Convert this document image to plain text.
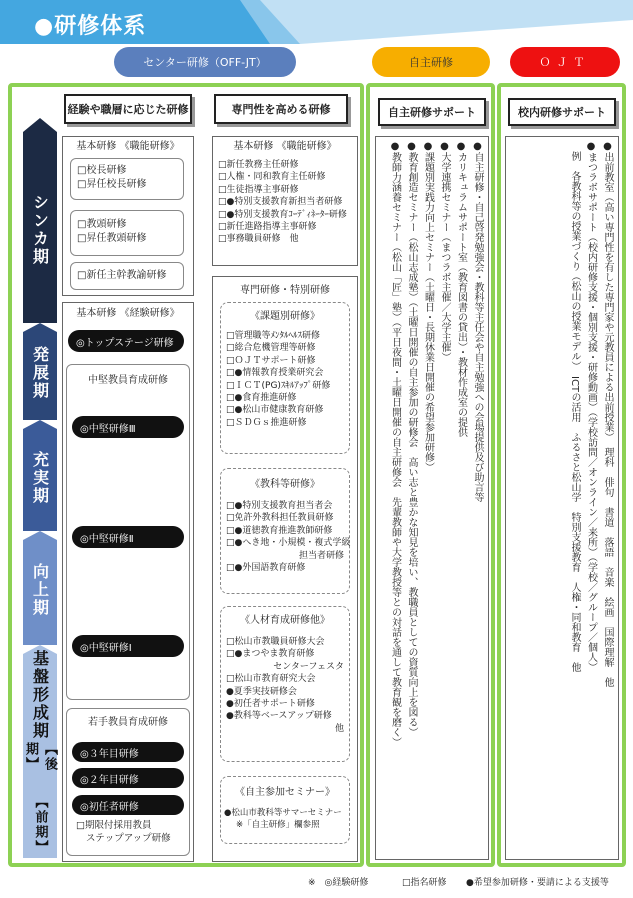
●研修体系
センター研修（OFF-JT）	自主研修	ＯＪＴ
シンカ期
発展期
充実期
向上期
基盤形成期
【後期】
【前期】
経験や職層に応じた研修
基本研修 《職能研修》
□校長研修
□昇任校長研修
□教頭研修
□昇任教頭研修
□新任主幹教諭研修
基本研修 《経験研修》
◎トップステージ研修
中堅教員育成研修
◎中堅研修Ⅲ
◎中堅研修Ⅱ
◎中堅研修Ⅰ
若手教員育成研修
◎３年目研修
◎２年目研修
◎初任者研修
□期限付採用教員
ステップアップ研修
専門性を高める研修
基本研修 《職能研修》
□新任教務主任研修
□人権・同和教育主任研修
□生徒指導主事研修
□●特別支援教育新担当者研修
□●特別支援教育ｺｰﾃﾞｨﾈｰﾀｰ研修
□新任進路指導主事研修
□事務職員研修　他
専門研修・特別研修
《課題別研修》
□管理職等ﾒﾝﾀﾙﾍﾙｽ研修
□総合危機管理等研修
□ＯＪＴサポート研修
□●情報教育授業研究会
□ＩＣＴ(PG)ｽｷﾙｱｯﾌﾟ研修
□●食育推進研修
□●松山市健康教育研修
□ＳＤＧｓ推進研修
《教科等研修》
□●特別支援教育担当者会
□免許外教科担任教員研修
□●道徳教育推進教師研修
□●へき地・小規模・複式学級
担当者研修
□●外国語教育研修
《人材育成研修他》
□松山市教職員研修大会
□●まつやま教育研修
センターフェスタ
□松山市教育研究大会
●夏季実技研修会
●初任者サポート研修
●教科等ベースアップ研修
他
《自主参加セミナー》
●松山市教科等サマーセミナー
※「自主研修」欄参照
自主研修サポート
●自主研修・自己啓発勉強会・教科等主任会や自主勉強への会場提供及び助言等
●カリキュラムサポート室（教育図書の貸出）・教材作成室の提供
●大学連携セミナー（まつラボ主催／大学主催）
●課題別実践力向上セミナー（土曜日・長期休業日開催の希望参加研修）
●教育創造セミナー（松山志成塾）（土曜日開催の自主参加の研修会　高い志と豊かな知見を培い、教職員としての資質向上を図る）
●教師力涵養セミナー（松山「匠」塾）（平日夜間・土曜日開催の自主研修会　先輩教師や大学教授等との対話を通して教育観を磨く）
校内研修サポート
●出前教室（高い専門性を有した専門家や元教員による出前授業）　理科　俳句　書道　落語　音楽　絵画　国際理解　他
●まつラボサポート（校内研修支援・個別支援・研修動画）（学校訪問／オンライン／来所）（学校／グループ／個人）
　例　各教科等の授業づくり（松山の授業モデル）　ICTの活用　ふるさと松山学　特別支援教育　人権・同和教育　他
※　◎経験研修	□指名研修 ●希望参加研修・要請による支援等
